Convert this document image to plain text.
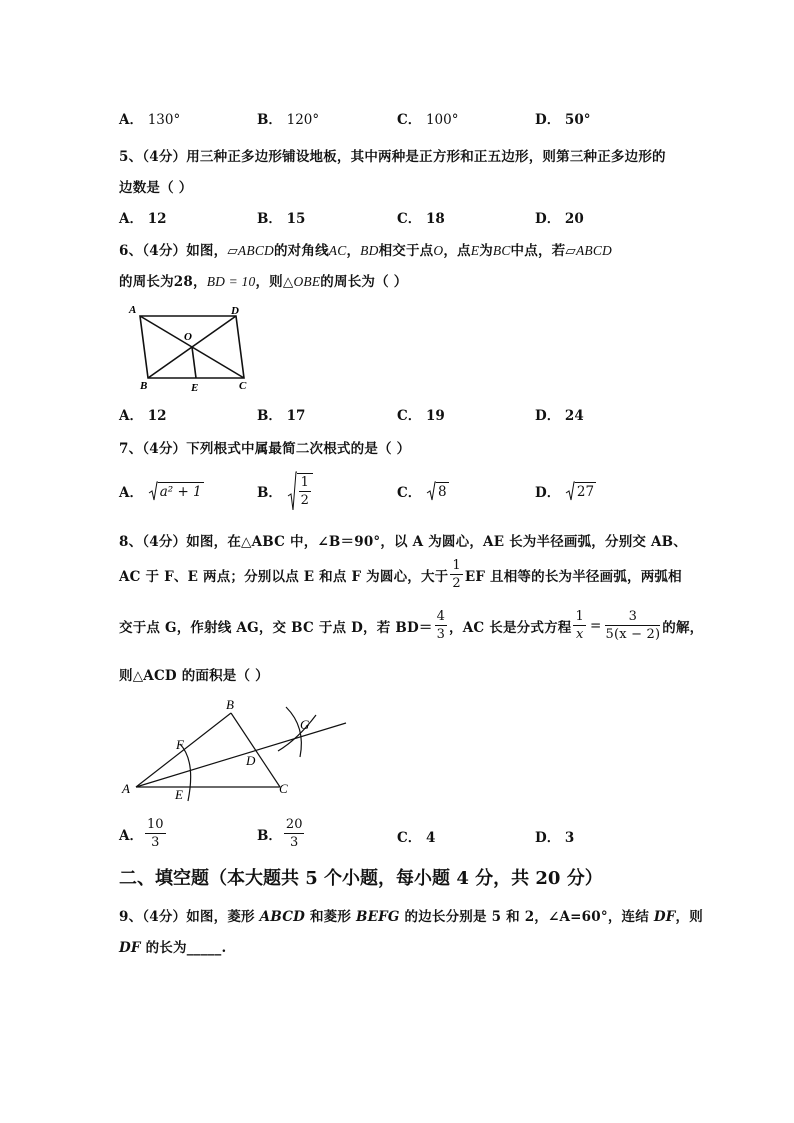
A． 130°	B． 120°	C． 100°	D． 50°
5、（4分）用三种正多边形铺设地板，其中两种是正方形和正五边形，则第三种正多边形的
边数是（ ）
A． 12	B． 15	C． 18	D． 20
6、（4分）如图，▱ABCD的对角线AC，BD相交于点O，点E为BC中点，若▱ABCD
的周长为28，BD = 10，则△OBE的周长为（ ）
A	D
O
B	E	C
A． 12	B． 17	C． 19	D． 24
7、（4分）下列根式中属最简二次根式的是（ ）
A．
a² + 1	B．
$\frac{1}{2}$	C．
8	D．
27
8、（4分）如图，在△ABC 中，∠B＝90°，以 A 为圆心，AE 长为半径画弧，分别交 AB、
AC 于 F、E 两点；分别以点 E 和点 F 为圆心，大于 $\frac{1}{2}$ EF 且相等的长为半径画弧，两弧相
交于点 G，作射线 AG，交 BC 于点 D，若 $BD= \frac{4}{3}$ ，AC 长是分式方程 $\frac{1}{x} = \frac{3}{5(x - 2)}$ 的解，
则△ACD 的面积是（ ）
B
G
F
D
A	E	C
A． $\frac{10}{3}$	B． $\frac{20}{3}$	C． 4	D． 3
二、填空题（本大题共 5 个小题，每小题 4 分，共 20 分）
9、（4分）如图，菱形 ABCD 和菱形 BEFG 的边长分别是 5 和 2，∠A=60°，连结 DF，则
DF 的长为_____.
